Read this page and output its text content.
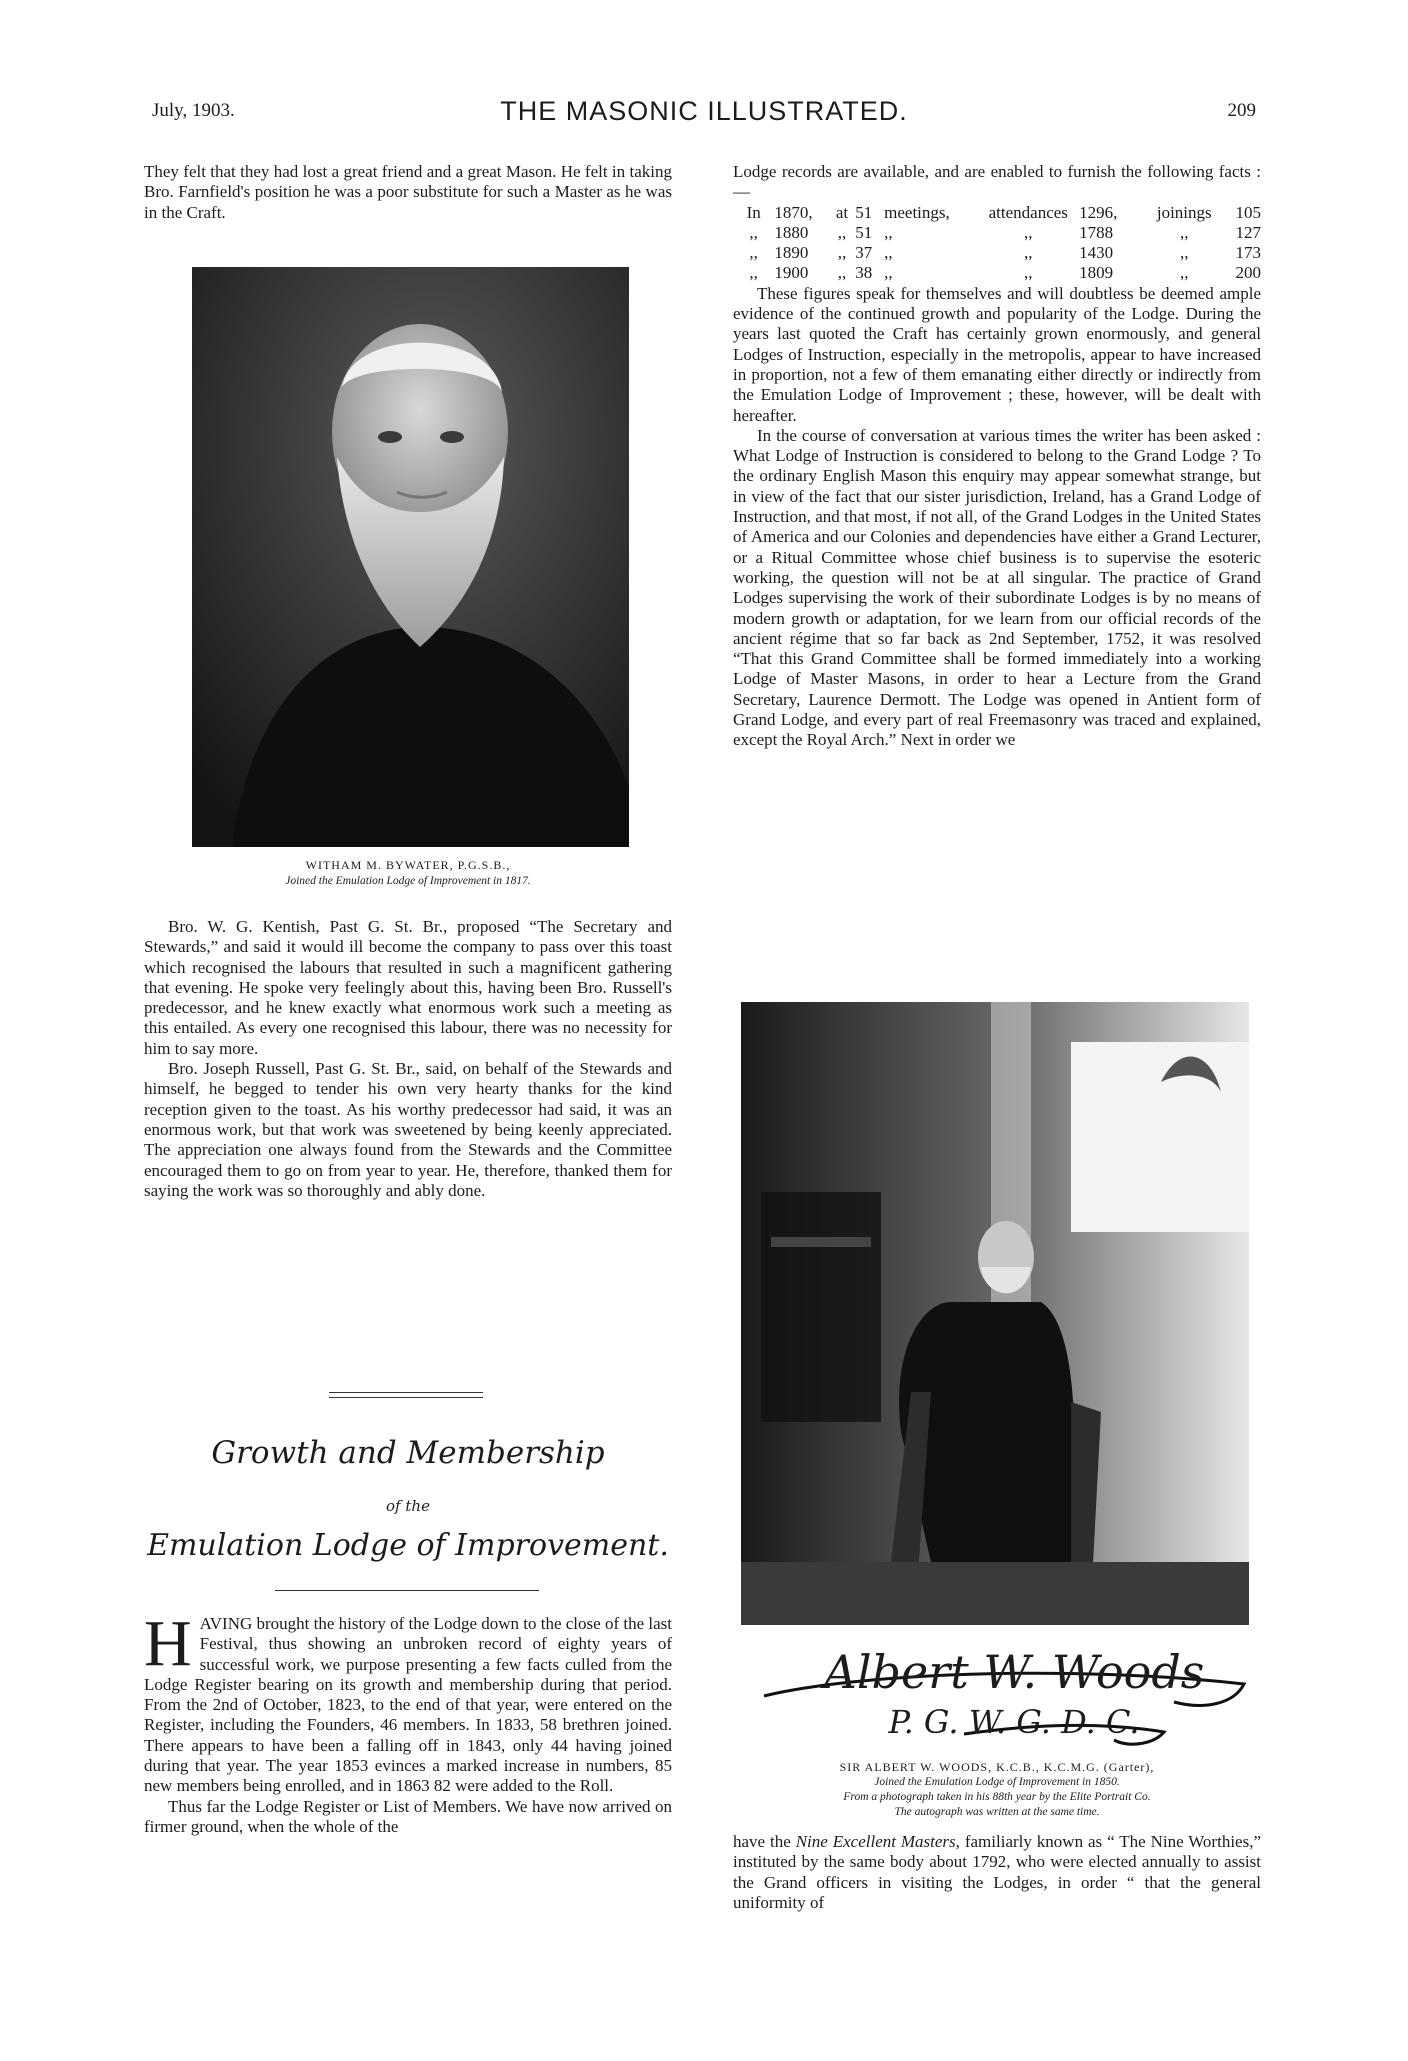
July, 1903.	THE MASONIC ILLUSTRATED.	209

They felt that they had lost a great friend and a great Mason. He felt in taking Bro. Farnfield's position he was a poor substitute for such a Master as he was in the Craft.

WITHAM M. BYWATER, P.G.S.B.,
Joined the Emulation Lodge of Improvement in 1817.

Bro. W. G. Kentish, Past G. St. Br., proposed “The Secretary and Stewards,” and said it would ill become the company to pass over this toast which recognised the labours that resulted in such a magnificent gathering that evening. He spoke very feelingly about this, having been Bro. Russell's predecessor, and he knew exactly what enormous work such a meeting as this entailed. As every one recognised this labour, there was no necessity for him to say more.

Bro. Joseph Russell, Past G. St. Br., said, on behalf of the Stewards and himself, he begged to tender his own very hearty thanks for the kind reception given to the toast. As his worthy predecessor had said, it was an enormous work, but that work was sweetened by being keenly appreciated. The appreciation one always found from the Stewards and the Committee encouraged them to go on from year to year. He, therefore, thanked them for saying the work was so thoroughly and ably done.

Growth and Membership
of the
Emulation Lodge of Improvement.

HAVING brought the history of the Lodge down to the close of the last Festival, thus showing an unbroken record of eighty years of successful work, we purpose presenting a few facts culled from the Lodge Register bearing on its growth and membership during that period. From the 2nd of October, 1823, to the end of that year, were entered on the Register, including the Founders, 46 members. In 1833, 58 brethren joined. There appears to have been a falling off in 1843, only 44 having joined during that year. The year 1853 evinces a marked increase in numbers, 85 new members being enrolled, and in 1863 82 were added to the Roll.

Thus far the Lodge Register or List of Members. We have now arrived on firmer ground, when the whole of the

Lodge records are available, and are enabled to furnish the following facts :—

In	1870,	at	51	meetings,	attendances	1296,	joinings	105
,,	1880	,,	51	,,	,,	1788	,,	127
,,	1890	,,	37	,,	,,	1430	,,	173
,,	1900	,,	38	,,	,,	1809	,,	200

These figures speak for themselves and will doubtless be deemed ample evidence of the continued growth and popularity of the Lodge. During the years last quoted the Craft has certainly grown enormously, and general Lodges of Instruction, especially in the metropolis, appear to have increased in proportion, not a few of them emanating either directly or indirectly from the Emulation Lodge of Improvement ; these, however, will be dealt with hereafter.

In the course of conversation at various times the writer has been asked : What Lodge of Instruction is considered to belong to the Grand Lodge ? To the ordinary English Mason this enquiry may appear somewhat strange, but in view of the fact that our sister jurisdiction, Ireland, has a Grand Lodge of Instruction, and that most, if not all, of the Grand Lodges in the United States of America and our Colonies and dependencies have either a Grand Lecturer, or a Ritual Committee whose chief business is to supervise the esoteric working, the question will not be at all singular. The practice of Grand Lodges supervising the work of their subordinate Lodges is by no means of modern growth or adaptation, for we learn from our official records of the ancient régime that so far back as 2nd September, 1752, it was resolved “That this Grand Committee shall be formed immediately into a working Lodge of Master Masons, in order to hear a Lecture from the Grand Secretary, Laurence Dermott. The Lodge was opened in Antient form of Grand Lodge, and every part of real Freemasonry was traced and explained, except the Royal Arch.” Next in order we

Albert W. Woods
P. G. W. G. D. C.
SIR ALBERT W. WOODS, K.C.B., K.C.M.G. (Garter),
Joined the Emulation Lodge of Improvement in 1850.
From a photograph taken in his 88th year by the Elite Portrait Co.
The autograph was written at the same time.

have the Nine Excellent Masters, familiarly known as “ The Nine Worthies,” instituted by the same body about 1792, who were elected annually to assist the Grand officers in visiting the Lodges, in order “ that the general uniformity of
